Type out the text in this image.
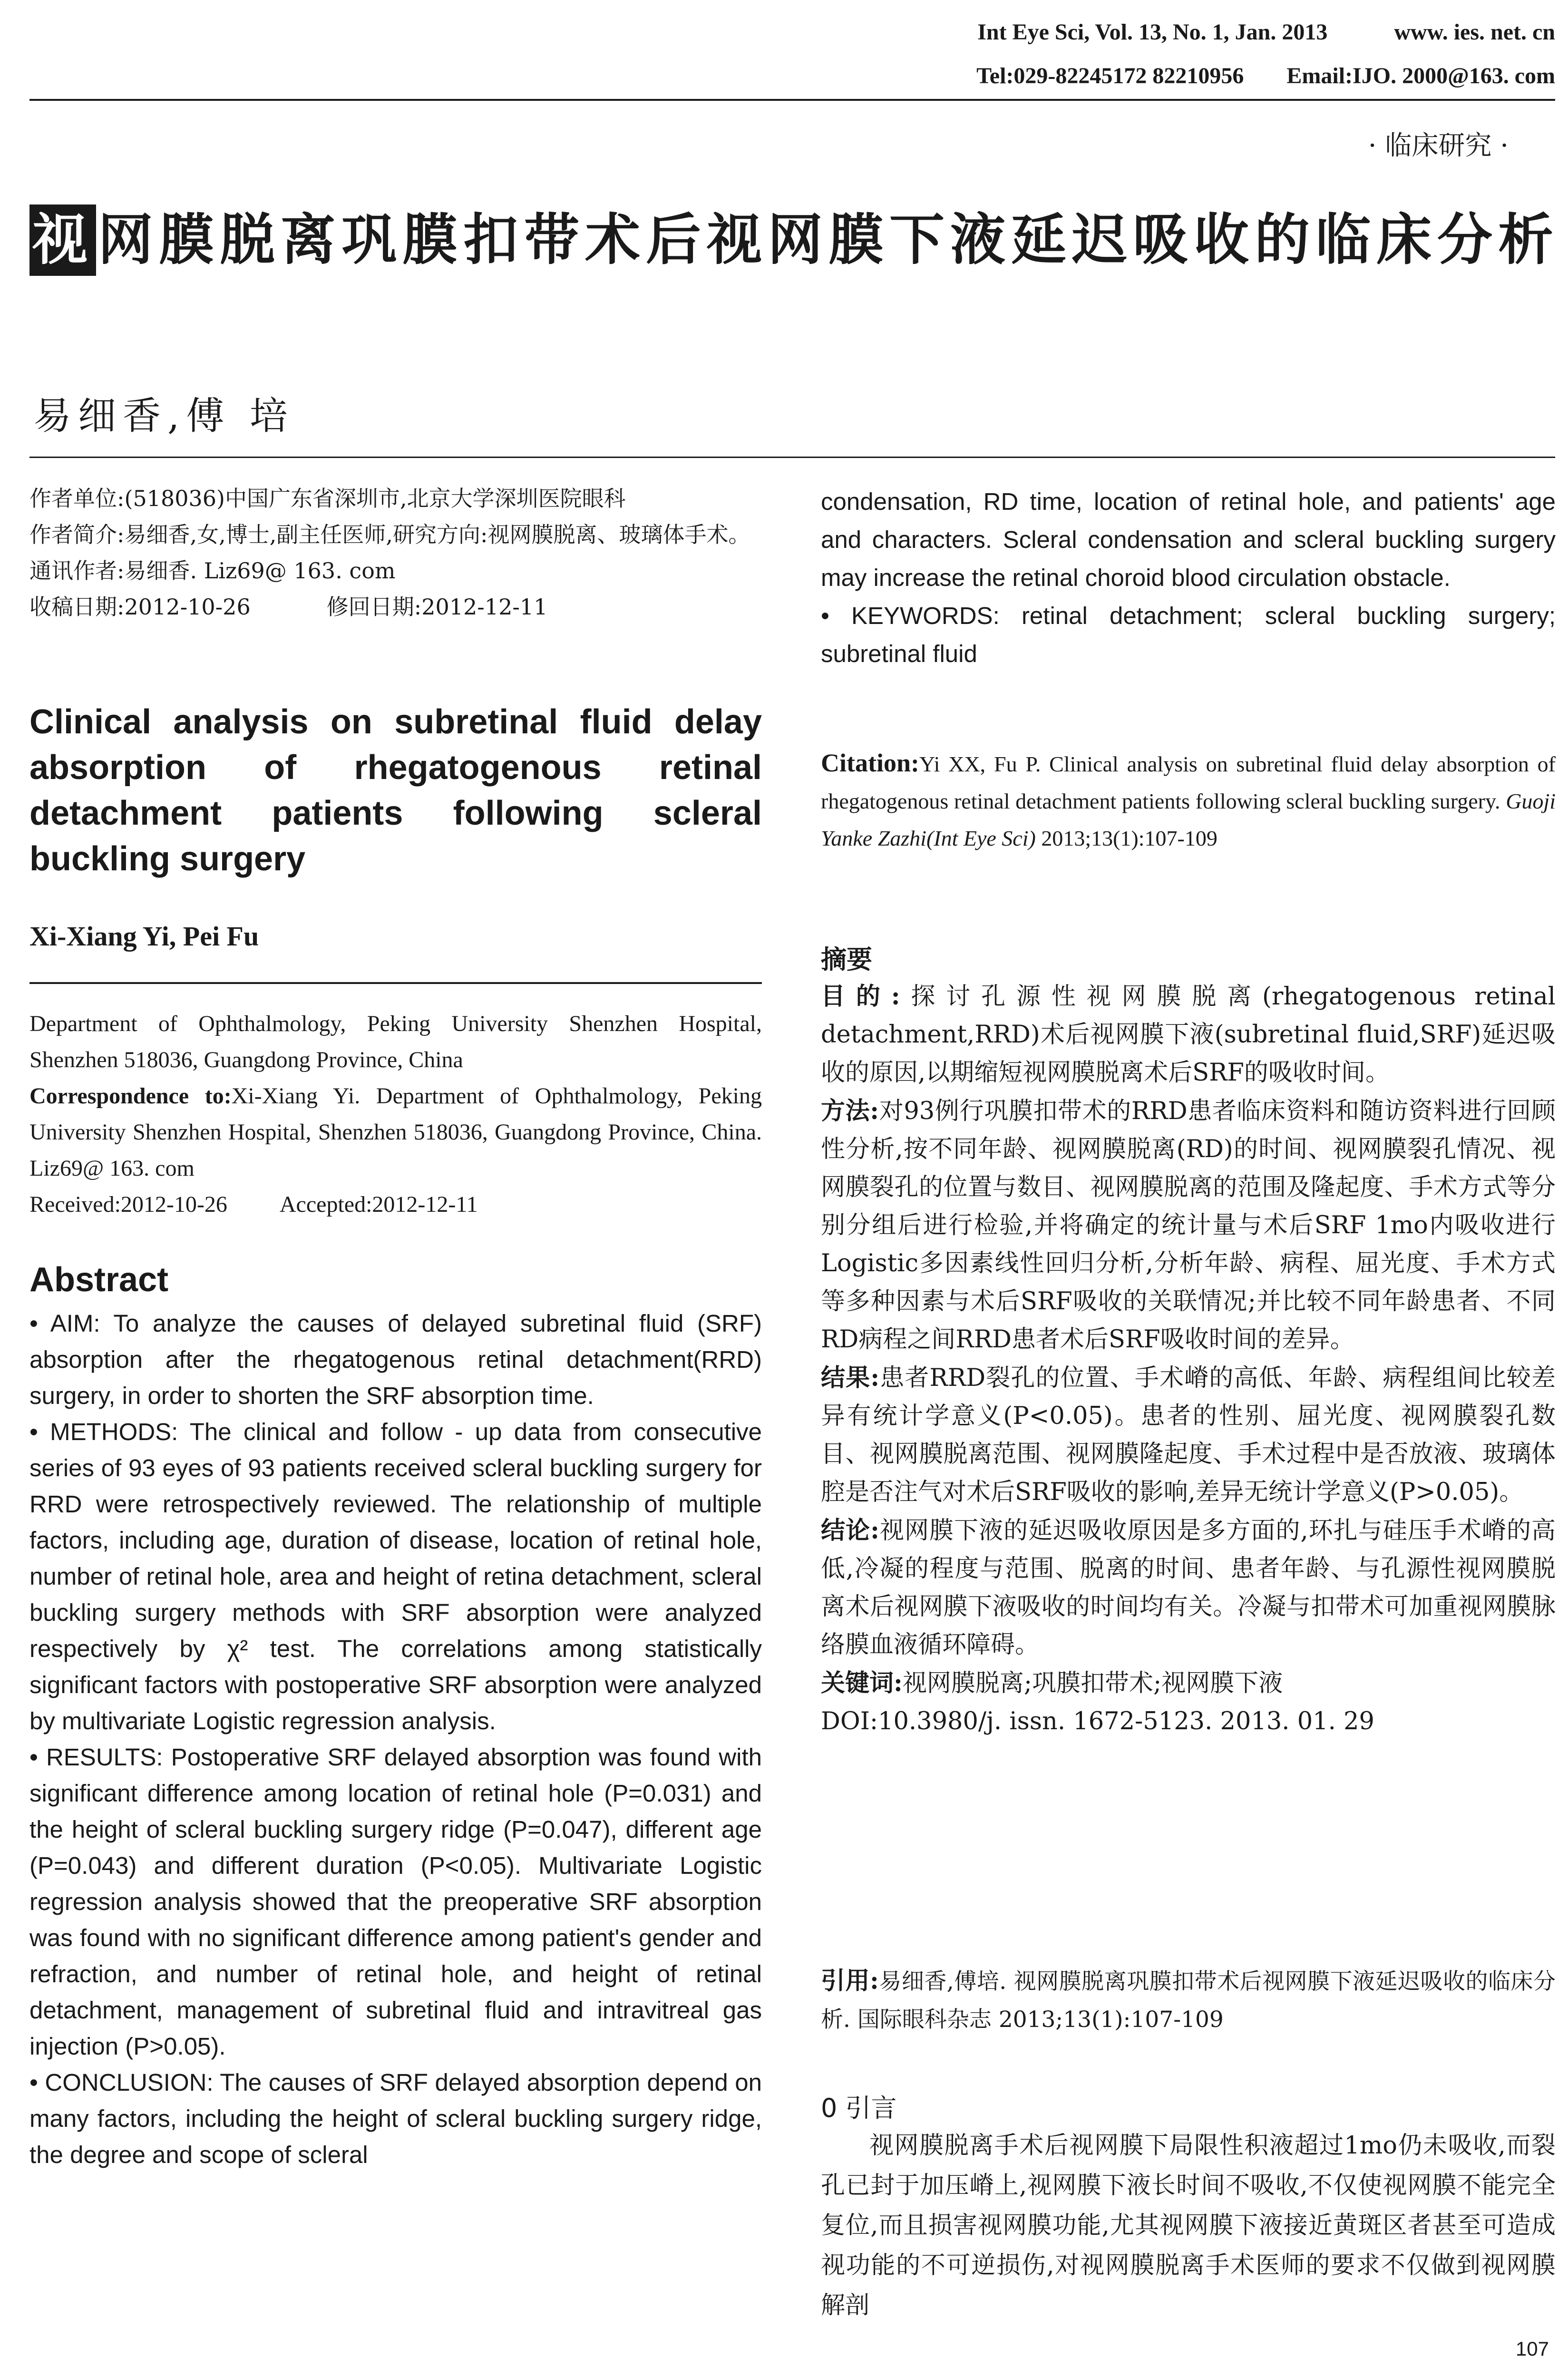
Int Eye Sci, Vol. 13, No. 1, Jan. 2013	www. ies. net. cn
Tel:029-82245172 82210956 Email:IJO. 2000@163. com
· 临床研究 ·
视网膜脱离巩膜扣带术后视网膜下液延迟吸收的临床分析
易细香,傅 培
作者单位:(518036)中国广东省深圳市,北京大学深圳医院眼科
作者简介:易细香,女,博士,副主任医师,研究方向:视网膜脱离、玻璃体手术。
通讯作者:易细香. Liz69@ 163. com
收稿日期:2012-10-26	修回日期:2012-12-11
Clinical analysis on subretinal fluid delay absorption of rhegatogenous retinal detachment patients following scleral buckling surgery
Xi-Xiang Yi, Pei Fu
Department of Ophthalmology, Peking University Shenzhen Hospital, Shenzhen 518036, Guangdong Province, China
Correspondence to:Xi-Xiang Yi. Department of Ophthalmology, Peking University Shenzhen Hospital, Shenzhen 518036, Guangdong Province, China. Liz69@ 163. com
Received:2012-10-26 Accepted:2012-12-11
Abstract

• AIM: To analyze the causes of delayed subretinal fluid (SRF) absorption after the rhegatogenous retinal detachment(RRD) surgery, in order to shorten the SRF absorption time.

• METHODS: The clinical and follow - up data from consecutive series of 93 eyes of 93 patients received scleral buckling surgery for RRD were retrospectively reviewed. The relationship of multiple factors, including age, duration of disease, location of retinal hole, number of retinal hole, area and height of retina detachment, scleral buckling surgery methods with SRF absorption were analyzed respectively by χ² test. The correlations among statistically significant factors with postoperative SRF absorption were analyzed by multivariate Logistic regression analysis.

• RESULTS: Postoperative SRF delayed absorption was found with significant difference among location of retinal hole (P=0.031) and the height of scleral buckling surgery ridge (P=0.047), different age (P=0.043) and different duration (P<0.05). Multivariate Logistic regression analysis showed that the preoperative SRF absorption was found with no significant difference among patient's gender and refraction, and number of retinal hole, and height of retinal detachment, management of subretinal fluid and intravitreal gas injection (P>0.05).

• CONCLUSION: The causes of SRF delayed absorption depend on many factors, including the height of scleral buckling surgery ridge, the degree and scope of scleral

condensation, RD time, location of retinal hole, and patients' age and characters. Scleral condensation and scleral buckling surgery may increase the retinal choroid blood circulation obstacle.

• KEYWORDS: retinal detachment; scleral buckling surgery; subretinal fluid

Citation:Yi XX, Fu P. Clinical analysis on subretinal fluid delay absorption of rhegatogenous retinal detachment patients following scleral buckling surgery. Guoji Yanke Zazhi(Int Eye Sci) 2013;13(1):107-109
摘要

目的:探讨孔源性视网膜脱离(rhegatogenous retinal detachment,RRD)术后视网膜下液(subretinal fluid,SRF)延迟吸收的原因,以期缩短视网膜脱离术后SRF的吸收时间。

方法:对93例行巩膜扣带术的RRD患者临床资料和随访资料进行回顾性分析,按不同年龄、视网膜脱离(RD)的时间、视网膜裂孔情况、视网膜裂孔的位置与数目、视网膜脱离的范围及隆起度、手术方式等分别分组后进行检验,并将确定的统计量与术后SRF 1mo内吸收进行Logistic多因素线性回归分析,分析年龄、病程、屈光度、手术方式等多种因素与术后SRF吸收的关联情况;并比较不同年龄患者、不同RD病程之间RRD患者术后SRF吸收时间的差异。

结果:患者RRD裂孔的位置、手术嵴的高低、年龄、病程组间比较差异有统计学意义(P<0.05)。患者的性别、屈光度、视网膜裂孔数目、视网膜脱离范围、视网膜隆起度、手术过程中是否放液、玻璃体腔是否注气对术后SRF吸收的影响,差异无统计学意义(P>0.05)。

结论:视网膜下液的延迟吸收原因是多方面的,环扎与硅压手术嵴的高低,冷凝的程度与范围、脱离的时间、患者年龄、与孔源性视网膜脱离术后视网膜下液吸收的时间均有关。冷凝与扣带术可加重视网膜脉络膜血液循环障碍。

关键词:视网膜脱离;巩膜扣带术;视网膜下液

DOI:10.3980/j. issn. 1672-5123. 2013. 01. 29

引用:易细香,傅培. 视网膜脱离巩膜扣带术后视网膜下液延迟吸收的临床分析. 国际眼科杂志 2013;13(1):107-109
0 引言

视网膜脱离手术后视网膜下局限性积液超过1mo仍未吸收,而裂孔已封于加压嵴上,视网膜下液长时间不吸收,不仅使视网膜不能完全复位,而且损害视网膜功能,尤其视网膜下液接近黄斑区者甚至可造成视功能的不可逆损伤,对视网膜脱离手术医师的要求不仅做到视网膜解剖

107
